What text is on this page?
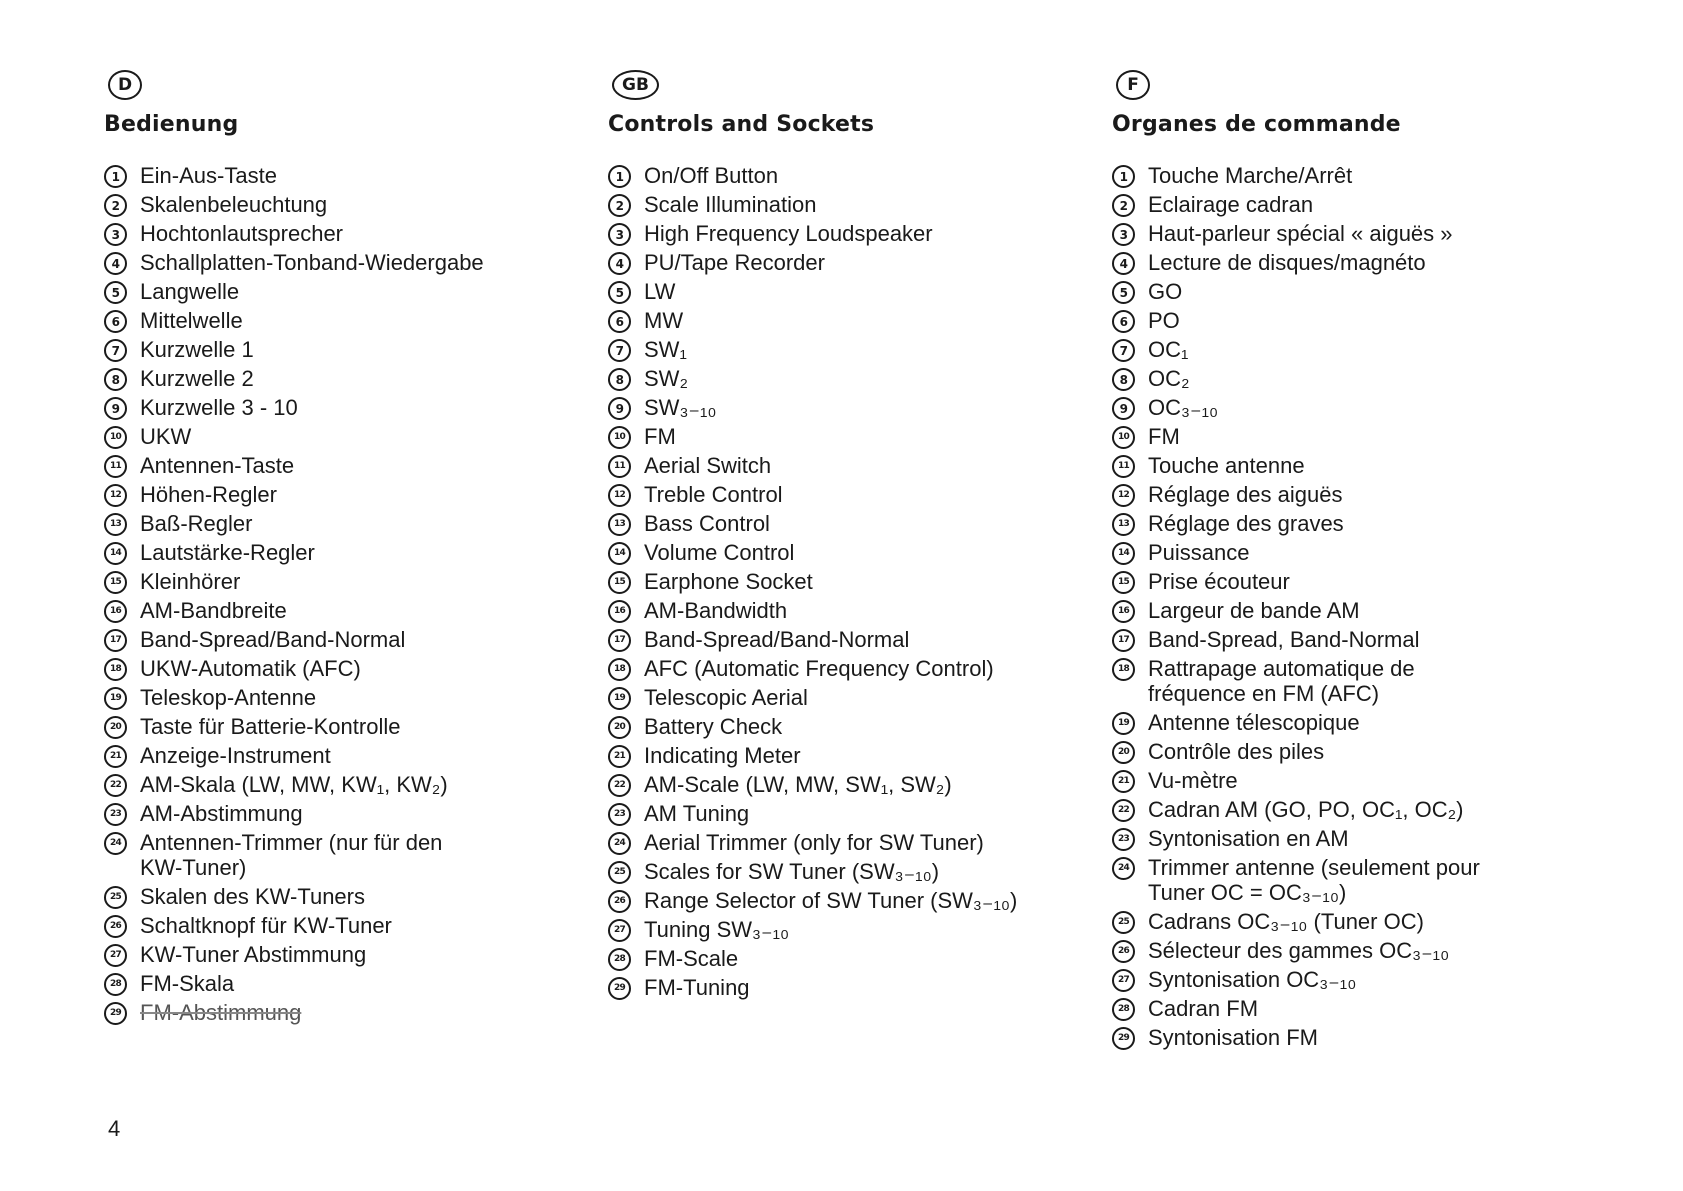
D
Bedienung
1 Ein-Aus-Taste
2 Skalenbeleuchtung
3 Hochtonlautsprecher
4 Schallplatten-Tonband-Wiedergabe
5 Langwelle
6 Mittelwelle
7 Kurzwelle 1
8 Kurzwelle 2
9 Kurzwelle 3 - 10
10 UKW
11 Antennen-Taste
12 Höhen-Regler
13 Baß-Regler
14 Lautstärke-Regler
15 Kleinhörer
16 AM-Bandbreite
17 Band-Spread/Band-Normal
18 UKW-Automatik (AFC)
19 Teleskop-Antenne
20 Taste für Batterie-Kontrolle
21 Anzeige-Instrument
22 AM-Skala (LW, MW, KW₁, KW₂)
23 AM-Abstimmung
24 Antennen-Trimmer (nur für den
KW-Tuner)
25 Skalen des KW-Tuners
26 Schaltknopf für KW-Tuner
27 KW-Tuner Abstimmung
28 FM-Skala
29 FM-Abstimmung
GB
Controls and Sockets
1 On/Off Button
2 Scale Illumination
3 High Frequency Loudspeaker
4 PU/Tape Recorder
5 LW
6 MW
7 SW₁
8 SW₂
9 SW₃₋₁₀
10 FM
11 Aerial Switch
12 Treble Control
13 Bass Control
14 Volume Control
15 Earphone Socket
16 AM-Bandwidth
17 Band-Spread/Band-Normal
18 AFC (Automatic Frequency Control)
19 Telescopic Aerial
20 Battery Check
21 Indicating Meter
22 AM-Scale (LW, MW, SW₁, SW₂)
23 AM Tuning
24 Aerial Trimmer (only for SW Tuner)
25 Scales for SW Tuner (SW₃₋₁₀)
26 Range Selector of SW Tuner (SW₃₋₁₀)
27 Tuning SW₃₋₁₀
28 FM-Scale
29 FM-Tuning
F
Organes de commande
1 Touche Marche/Arrêt
2 Eclairage cadran
3 Haut-parleur spécial « aiguës »
4 Lecture de disques/magnéto
5 GO
6 PO
7 OC₁
8 OC₂
9 OC₃₋₁₀
10 FM
11 Touche antenne
12 Réglage des aiguës
13 Réglage des graves
14 Puissance
15 Prise écouteur
16 Largeur de bande AM
17 Band-Spread, Band-Normal
18 Rattrapage automatique de
fréquence en FM (AFC)
19 Antenne télescopique
20 Contrôle des piles
21 Vu-mètre
22 Cadran AM (GO, PO, OC₁, OC₂)
23 Syntonisation en AM
24 Trimmer antenne (seulement pour
Tuner OC = OC₃₋₁₀)
25 Cadrans OC₃₋₁₀ (Tuner OC)
26 Sélecteur des gammes OC₃₋₁₀
27 Syntonisation OC₃₋₁₀
28 Cadran FM
29 Syntonisation FM
4
